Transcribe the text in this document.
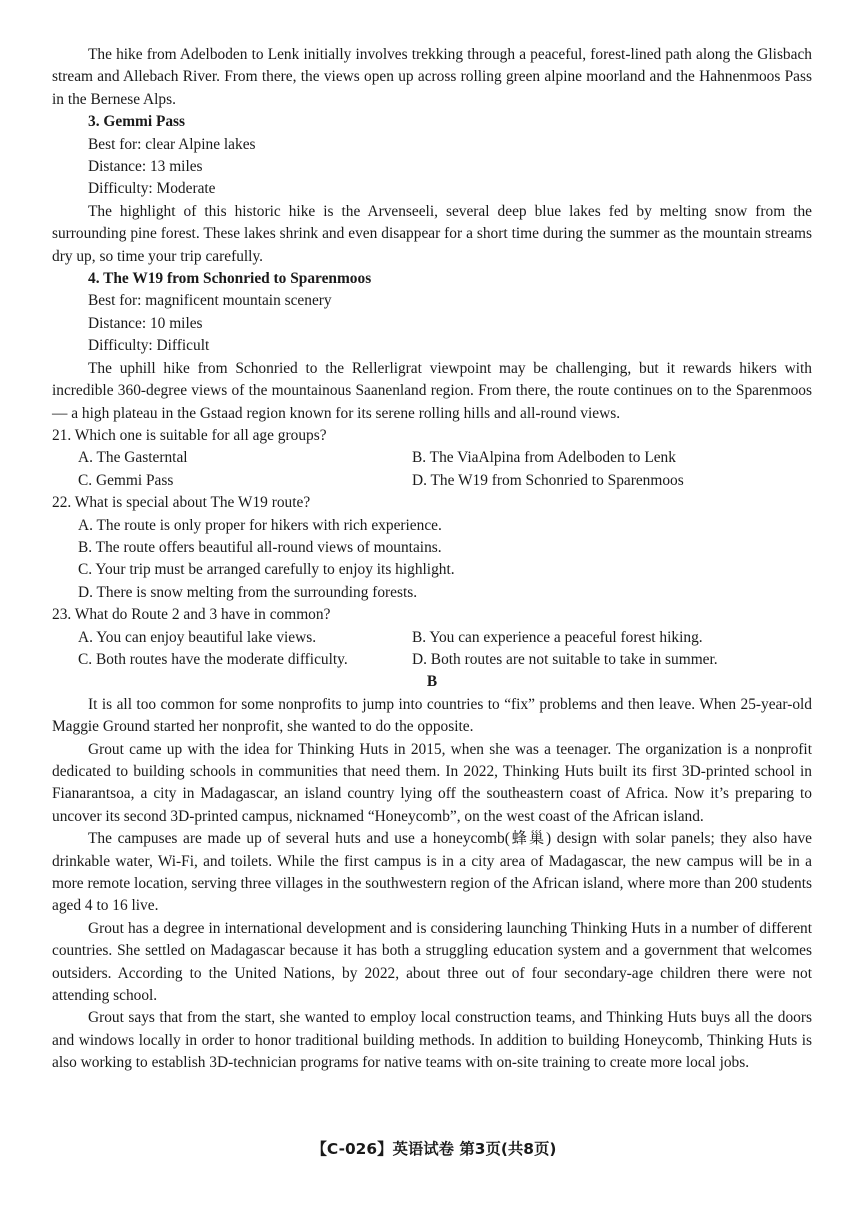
The hike from Adelboden to Lenk initially involves trekking through a peaceful, forest-lined path along the Glisbach stream and Allebach River. From there, the views open up across rolling green alpine moorland and the Hahnenmoos Pass in the Bernese Alps.

3. Gemmi Pass

Best for: clear Alpine lakes

Distance: 13 miles

Difficulty: Moderate

The highlight of this historic hike is the Arvenseeli, several deep blue lakes fed by melting snow from the surrounding pine forest. These lakes shrink and even disappear for a short time during the summer as the mountain streams dry up, so time your trip carefully.

4. The W19 from Schonried to Sparenmoos

Best for: magnificent mountain scenery

Distance: 10 miles

Difficulty: Difficult

The uphill hike from Schonried to the Rellerligrat viewpoint may be challenging, but it rewards hikers with incredible 360-degree views of the mountainous Saanenland region. From there, the route continues on to the Sparenmoos — a high plateau in the Gstaad region known for its serene rolling hills and all-round views.

21. Which one is suitable for all age groups?

A. The Gasterntal	B. The ViaAlpina from Adelboden to Lenk
C. Gemmi Pass	D. The W19 from Schonried to Sparenmoos

22. What is special about The W19 route?

A. The route is only proper for hikers with rich experience.

B. The route offers beautiful all-round views of mountains.

C. Your trip must be arranged carefully to enjoy its highlight.

D. There is snow melting from the surrounding forests.

23. What do Route 2 and 3 have in common?

A. You can enjoy beautiful lake views.	B. You can experience a peaceful forest hiking.
C. Both routes have the moderate difficulty.	D. Both routes are not suitable to take in summer.

B

It is all too common for some nonprofits to jump into countries to “fix” problems and then leave. When 25-year-old Maggie Ground started her nonprofit, she wanted to do the opposite.

Grout came up with the idea for Thinking Huts in 2015, when she was a teenager. The organization is a nonprofit dedicated to building schools in communities that need them. In 2022, Thinking Huts built its first 3D-printed school in Fianarantsoa, a city in Madagascar, an island country lying off the southeastern coast of Africa. Now it’s preparing to uncover its second 3D-printed campus, nicknamed “Honeycomb”, on the west coast of the African island.

The campuses are made up of several huts and use a honeycomb(蜂巢) design with solar panels; they also have drinkable water, Wi-Fi, and toilets. While the first campus is in a city area of Madagascar, the new campus will be in a more remote location, serving three villages in the southwestern region of the African island, where more than 200 students aged 4 to 16 live.

Grout has a degree in international development and is considering launching Thinking Huts in a number of different countries. She settled on Madagascar because it has both a struggling education system and a government that welcomes outsiders. According to the United Nations, by 2022, about three out of four secondary-age children there were not attending school.

Grout says that from the start, she wanted to employ local construction teams, and Thinking Huts buys all the doors and windows locally in order to honor traditional building methods. In addition to building Honeycomb, Thinking Huts is also working to establish 3D-technician programs for native teams with on-site training to create more local jobs.

【C-026】英语试卷 第3页(共8页)
